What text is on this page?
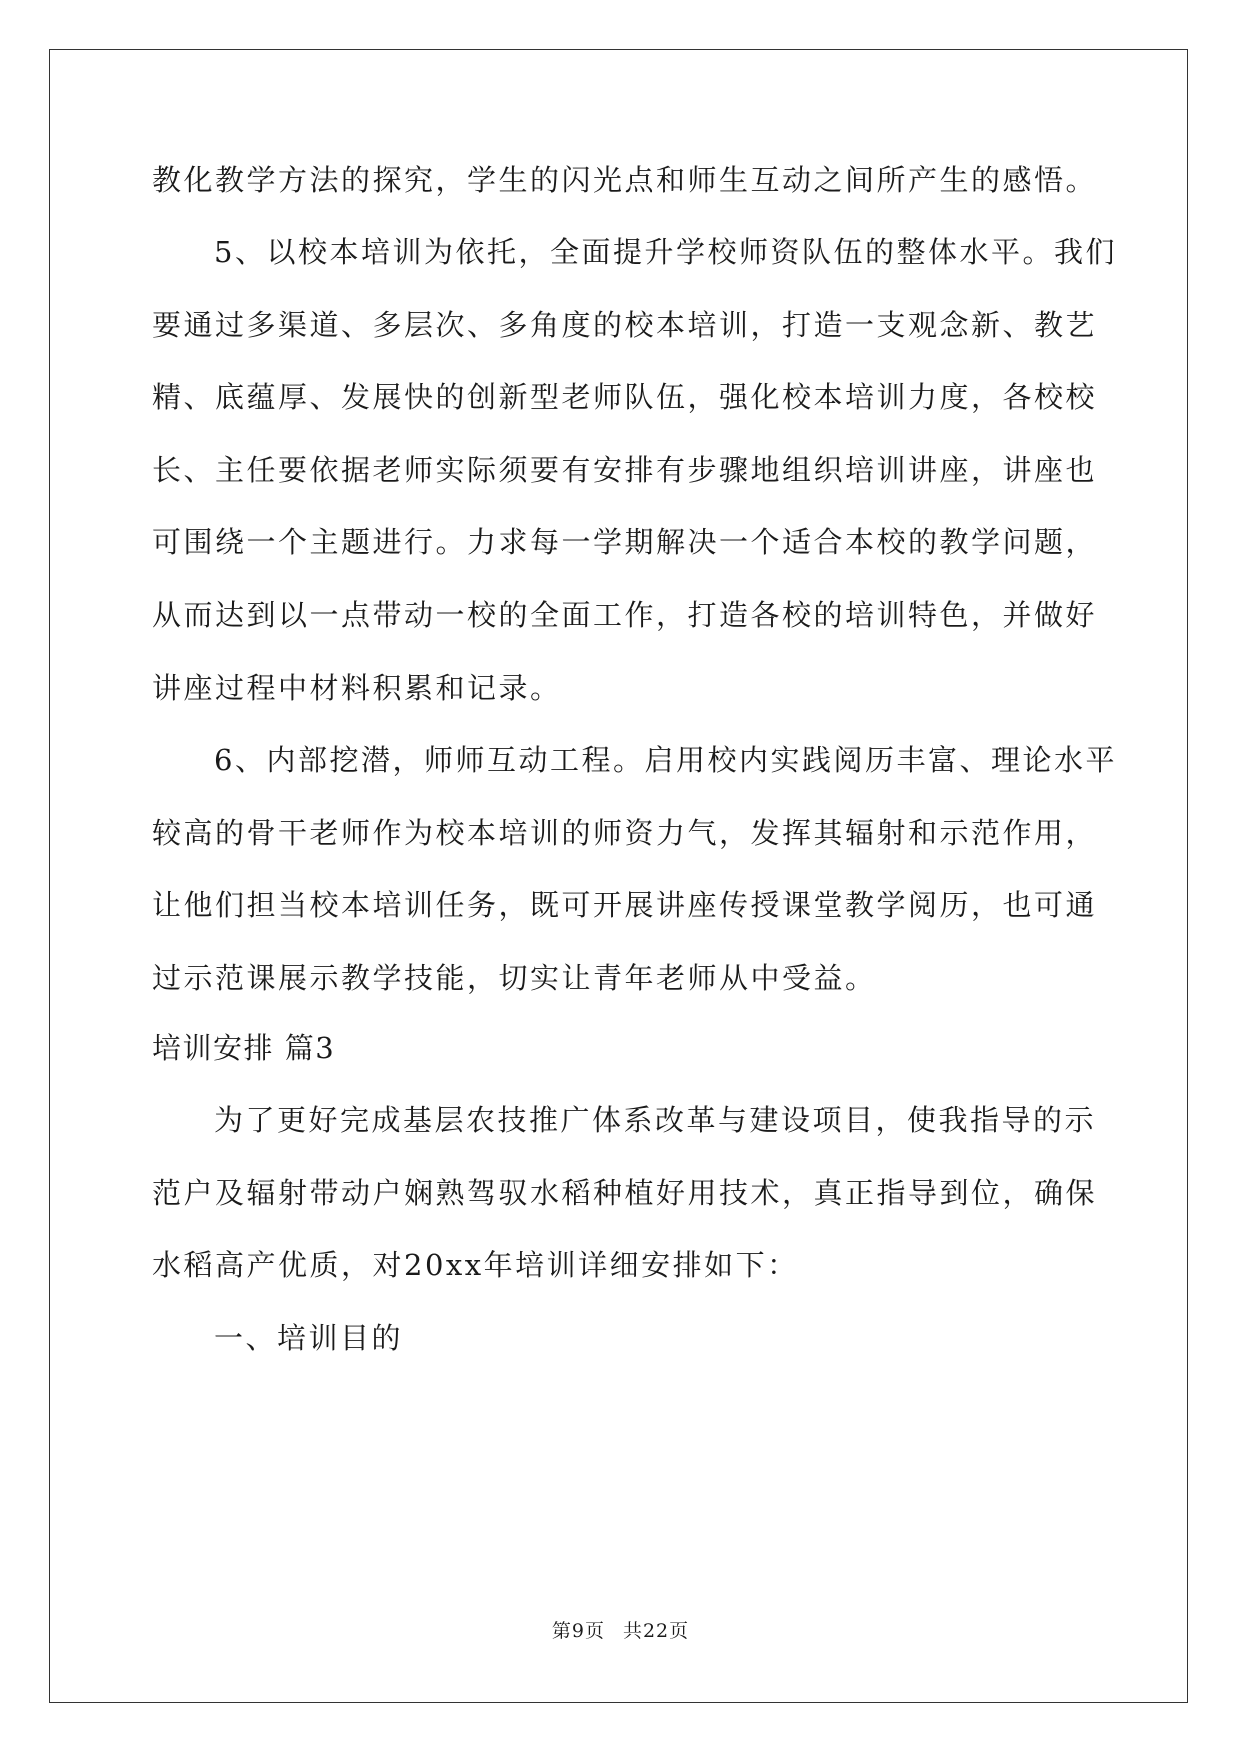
教化教学方法的探究，学生的闪光点和师生互动之间所产生的感悟。
5、以校本培训为依托，全面提升学校师资队伍的整体水平。我们
要通过多渠道、多层次、多角度的校本培训，打造一支观念新、教艺
精、底蕴厚、发展快的创新型老师队伍，强化校本培训力度，各校校
长、主任要依据老师实际须要有安排有步骤地组织培训讲座，讲座也
可围绕一个主题进行。力求每一学期解决一个适合本校的教学问题，
从而达到以一点带动一校的全面工作，打造各校的培训特色，并做好
讲座过程中材料积累和记录。
6、内部挖潜，师师互动工程。启用校内实践阅历丰富、理论水平
较高的骨干老师作为校本培训的师资力气，发挥其辐射和示范作用，
让他们担当校本培训任务，既可开展讲座传授课堂教学阅历，也可通
过示范课展示教学技能，切实让青年老师从中受益。
培训安排 篇3
为了更好完成基层农技推广体系改革与建设项目，使我指导的示
范户及辐射带动户娴熟驾驭水稻种植好用技术，真正指导到位，确保
水稻高产优质，对20xx年培训详细安排如下：
一、培训目的
第9页 共22页
